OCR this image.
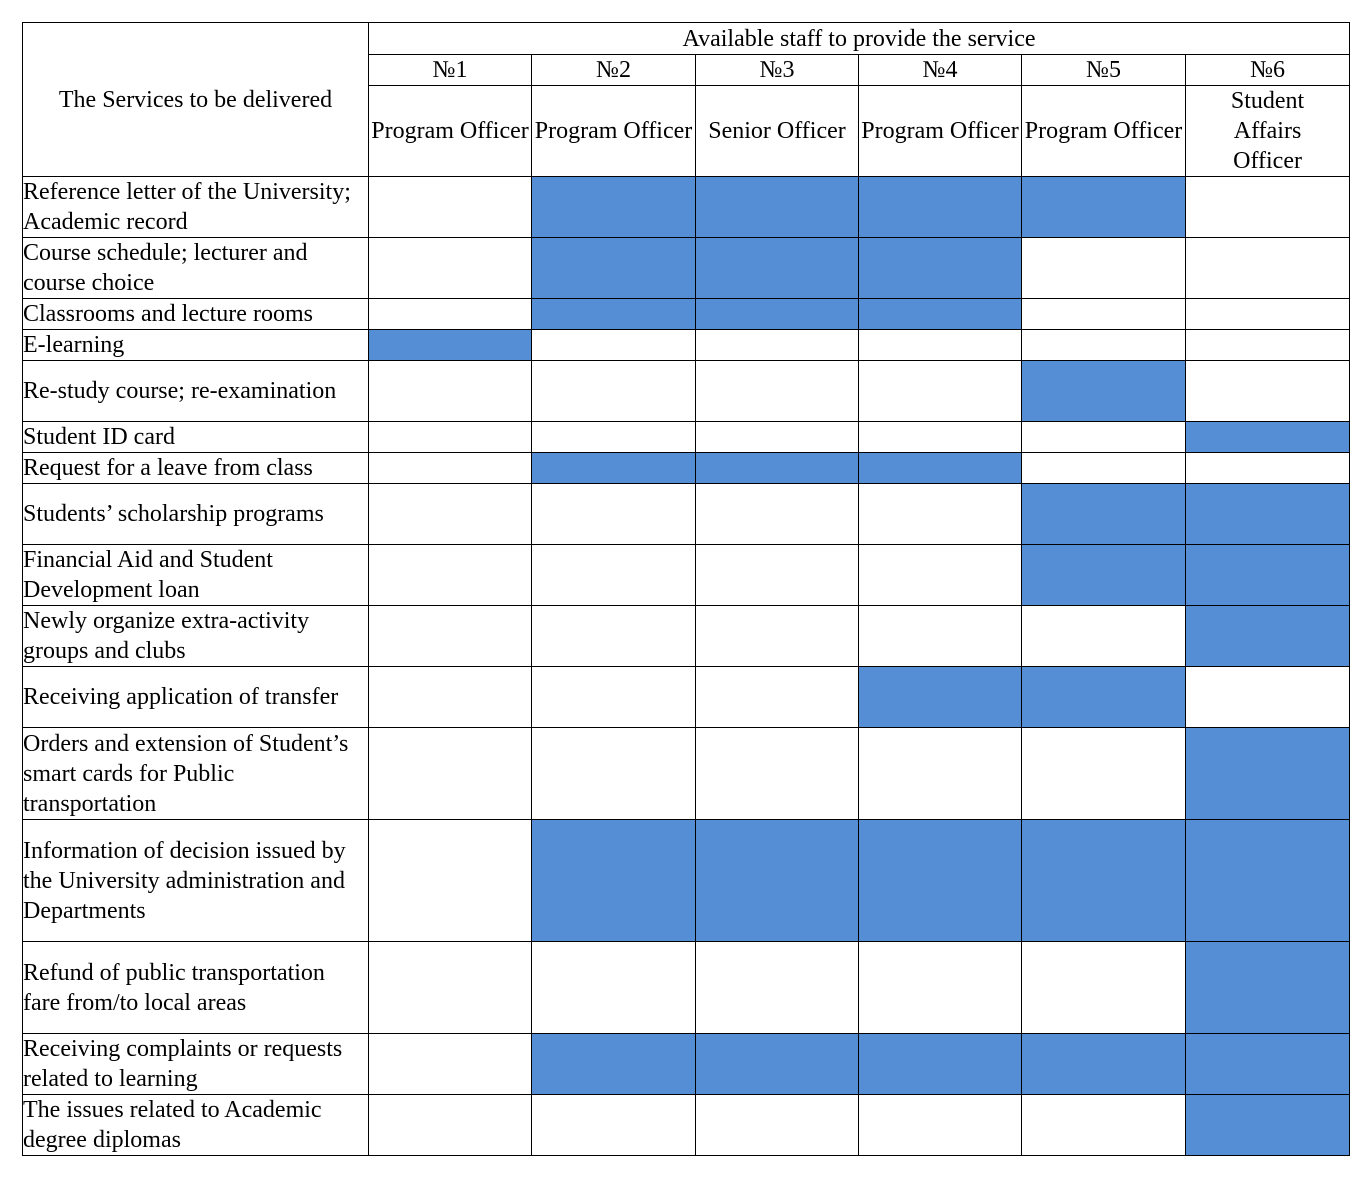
The Services to be delivered	Available staff to provide the service					
	№1	№2	№3	№4	№5	№6
	Program Officer	Program Officer	Senior Officer	Program Officer	Program Officer	Student Affairs Officer
Reference letter of the University; Academic record						
Course schedule; lecturer and course choice						
Classrooms and lecture rooms						
E-learning						
Re-study course; re-examination						
Student ID card						
Request for a leave from class						
Students’ scholarship programs						
Financial Aid and Student Development loan						
Newly organize extra-activity groups and clubs						
Receiving application of transfer						
Orders and extension of Student’s smart cards for Public transportation						
Information of decision issued by the University administration and Departments						
Refund of public transportation fare from/to local areas						
Receiving complaints or requests related to learning						
The issues related to Academic degree diplomas						
